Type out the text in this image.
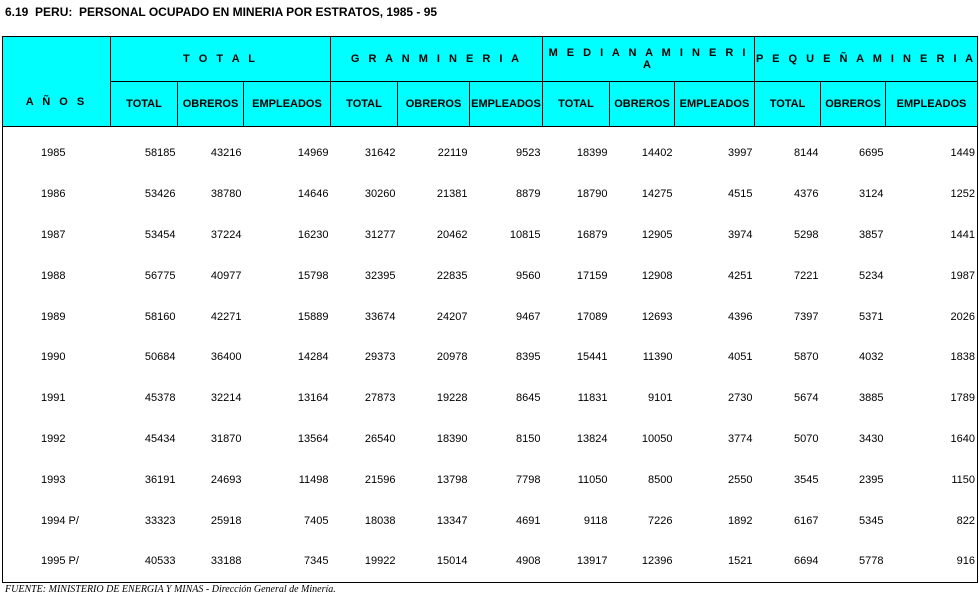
6.19  PERU:  PERSONAL OCUPADO EN MINERIA POR ESTRATOS, 1985 - 95
A Ñ O S	T O T A L			G R A N M I N E R I A			M E D I A N A M I N E R I A			P E Q U E Ñ A M I N E R I A		
	TOTAL	OBREROS	EMPLEADOS	TOTAL	OBREROS	EMPLEADOS	TOTAL	OBREROS	EMPLEADOS	TOTAL	OBREROS	EMPLEADOS
1985	58185	43216	14969	31642	22119	9523	18399	14402	3997	8144	6695	1449
1986	53426	38780	14646	30260	21381	8879	18790	14275	4515	4376	3124	1252
1987	53454	37224	16230	31277	20462	10815	16879	12905	3974	5298	3857	1441
1988	56775	40977	15798	32395	22835	9560	17159	12908	4251	7221	5234	1987
1989	58160	42271	15889	33674	24207	9467	17089	12693	4396	7397	5371	2026
1990	50684	36400	14284	29373	20978	8395	15441	11390	4051	5870	4032	1838
1991	45378	32214	13164	27873	19228	8645	11831	9101	2730	5674	3885	1789
1992	45434	31870	13564	26540	18390	8150	13824	10050	3774	5070	3430	1640
1993	36191	24693	11498	21596	13798	7798	11050	8500	2550	3545	2395	1150
1994 P/	33323	25918	7405	18038	13347	4691	9118	7226	1892	6167	5345	822
1995 P/	40533	33188	7345	19922	15014	4908	13917	12396	1521	6694	5778	916
FUENTE: MINISTERIO DE ENERGIA Y MINAS - Dirección General de Minería.
